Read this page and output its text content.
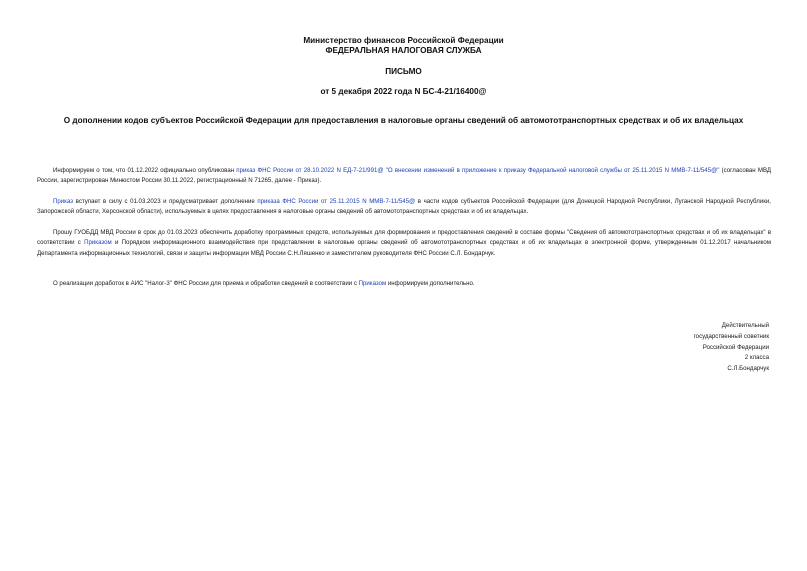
Министерство финансов Российской Федерации
ФЕДЕРАЛЬНАЯ НАЛОГОВАЯ СЛУЖБА
ПИСЬМО
от 5 декабря 2022 года N БС-4-21/16400@
О дополнении кодов субъектов Российской Федерации для предоставления в налоговые органы сведений об автомототранспортных средствах и об их владельцах
Информируем о том, что 01.12.2022 официально опубликован приказ ФНС России от 28.10.2022 N ЕД-7-21/991@ "О внесении изменений в приложение к приказу Федеральной налоговой службы от 25.11.2015 N ММВ-7-11/545@" (согласован МВД России, зарегистрирован Минюстом России 30.11.2022, регистрационный N 71265, далее - Приказ).
Приказ вступает в силу с 01.03.2023 и предусматривает дополнение приказа ФНС России от 25.11.2015 N ММВ-7-11/545@ в части кодов субъектов Российской Федерации (для Донецкой Народной Республики, Луганской Народной Республики, Запорожской области, Херсонской области), используемых в целях предоставления в налоговые органы сведений об автомототранспортных средствах и об их владельцах.
Прошу ГУОБДД МВД России в срок до 01.03.2023 обеспечить доработку программных средств, используемых для формирования и предоставления сведений в составе формы "Сведения об автомототранспортных средствах и об их владельцах" в соответствии с Приказом и Порядком информационного взаимодействия при представлении в налоговые органы сведений об автомототранспортных средствах и об их владельцах в электронной форме, утвержденным 01.12.2017 начальником Департамента информационных технологий, связи и защиты информации МВД России С.Н.Ляшенко и заместителем руководителя ФНС России С.Л. Бондарчук.
О реализации доработок в АИС "Налог-3" ФНС России для приема и обработки сведений в соответствии с Приказом информируем дополнительно.
Действительный
государственный советник
Российской Федерации
2 класса
С.Л.Бондарчук
